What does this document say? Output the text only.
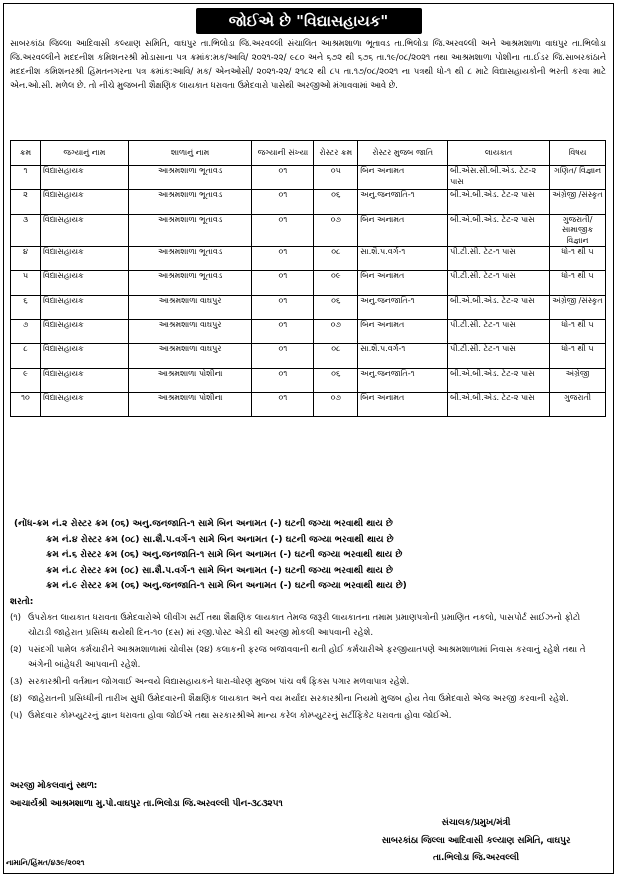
જોઈએ છે "વિદ્યાસહાયક"
સાબરકાંઠા જિલ્લા આદિવાસી કલ્યાણ સમિતિ, વાઘપુર તા.ભિલોડા જિ.અરવલ્લી સંચાલિત આશ્રમશાળા ભૂતાવડ તા.ભિલોડા જિ.અરવલ્લી અને આશ્રમશાળા વાઘપુર તા.ભિલોડા જિ.અરવલ્લીને મદદનીશ કમિશનરશ્રી મોડાસાના પત્ર ક્રમાંક:મક/આવિ/ ૨૦૨૧-૨૨/ ૯૮૦ અને ૬૭૨ થી ૬૭૬ તા.૧૯/૦૮/૨૦૨૧ તથા આશ્રમશાળા પોશીના તા.ઈડર જિ.સાબરકાંઠાને મદદનીશ કમિશનરશ્રી હિંમતનગરના પત્ર ક્રમાંક:આવિ/ મક/ એનઓસી/ ૨૦૨૧-૨૨/ ૨૧૮૨ થી ૮૫ તા.૧૭/૦૮/૨૦૨૧ ના પત્રથી ધો-૧ થી ૮ માટે વિદ્યાસહાયકોની ભરતી કરવા માટે એન.ઓ.સી. મળેલ છે. તો નીચે મુજબની શૈક્ષણિક લાયકાત ધરાવતા ઉમેદવારો પાસેથી અરજીઓ મંગાવવામાં આવે છે.
ક્રમ	જગ્યાનું નામ	શાળાનું નામ	જગ્યાની સંખ્યા	રોસ્ટર ક્રમ	રોસ્ટર મુજબ જાતિ	લાયકાત	વિષય
૧	વિદ્યાસહાયક	આશ્રમશાળા ભૂતાવડ	૦૧	૦૫	બિન અનામત	બી.એસ.સી.બી.એડ. ટેટ-૨ પાસ	ગણિત/ વિજ્ઞાન
૨	વિદ્યાસહાયક	આશ્રમશાળા ભૂતાવડ	૦૧	૦૬	અનુ.જનજાતિ-૧	બી.એ.બી.એડ. ટેટ-૨ પાસ	અંગ્રેજી /સંસ્કૃત
૩	વિદ્યાસહાયક	આશ્રમશાળા ભૂતાવડ	૦૧	૦૭	બિન અનામત	બી.એ.બી.એડ. ટેટ-૨ પાસ	ગુજરાતી/ સામાજીક વિજ્ઞાન
૪	વિદ્યાસહાયક	આશ્રમશાળા ભૂતાવડ	૦૧	૦૮	સા.શૈ.પ.વર્ગ-૧	પી.ટી.સી. ટેટ-૧ પાસ	ધો-૧ થી ૫
૫	વિદ્યાસહાયક	આશ્રમશાળા ભૂતાવડ	૦૧	૦૯	બિન અનામત	પી.ટી.સી. ટેટ-૧ પાસ	ધો-૧ થી ૫
૬	વિદ્યાસહાયક	આશ્રમશાળા વાઘપુર	૦૧	૦૬	અનુ.જનજાતિ-૧	બી.એ.બી.એડ. ટેટ-૨ પાસ	અંગ્રેજી /સંસ્કૃત
૭	વિદ્યાસહાયક	આશ્રમશાળા વાઘપુર	૦૧	૦૭	બિન અનામત	પી.ટી.સી. ટેટ-૧ પાસ	ધો-૧ થી ૫
૮	વિદ્યાસહાયક	આશ્રમશાળા વાઘપુર	૦૧	૦૮	સા.શૈ.પ.વર્ગ-૧	પી.ટી.સી. ટેટ-૧ પાસ	ધો-૧ થી ૫
૯	વિદ્યાસહાયક	આશ્રમશાળા પોશીના	૦૧	૦૬	અનુ.જનજાતિ-૧	બી.એ.બી.એડ. ટેટ-૨ પાસ	અંગ્રેજી
૧૦	વિદ્યાસહાયક	આશ્રમશાળા પોશીના	૦૧	૦૭	બિન અનામત	બી.એ.બી.એડ. ટેટ-૨ પાસ	ગુજરાતી
(નોંધ-ક્રમ નં.૨ રોસ્ટર ક્રમ (૦૬) અનુ.જનજાતિ-૧ સામે બિન અનામત (-) ઘટની જગ્યા ભરવાથી થાય છે
ક્રમ નં.૪ રોસ્ટર ક્રમ (૦૮) સા.શૈ.પ.વર્ગ-૧ સામે બિન અનામત (-) ઘટની જગ્યા ભરવાથી થાય છે
ક્રમ નં.૬ રોસ્ટર ક્રમ (૦૬) અનુ.જનજાતિ-૧ સામે બિન અનામત (-) ઘટની જગ્યા ભરવાથી થાય છે
ક્રમ નં.૮ રોસ્ટર ક્રમ (૦૮) સા.શૈ.પ.વર્ગ-૧ સામે બિન અનામત (-) ઘટની જગ્યા ભરવાથી થાય છે
ક્રમ નં.૯ રોસ્ટર ક્રમ (૦૬) અનુ.જનજાતિ-૧ સામે બિન અનામત (-) ઘટની જગ્યા ભરવાથી થાય છે)
શરતો:
(૧) ઉપરોક્ત લાયકાત ધરાવતા ઉમેદવારોએ લીવીંગ સર્ટી તથા શૈક્ષણિક લાયકાત તેમજ જરૂરી લાયકાતના તમામ પ્રમાણપત્રોની પ્રમાણિત નકલો, પાસપોર્ટ સાઈઝનો ફોટો ચોટાડી જાહેરાત પ્રસિધ્ધ થયેથી દિન-૧૦ (દસ) માં રજી.પોસ્ટ એડી થી અરજી મોકલી આપવાની રહેશે.
(૨) પસંદગી પામેલ કર્મચારીને આશ્રમશાળામાં ચોવીસ (૨૪) કલાકની ફરજ બજાવવાની થતી હોઈ કર્મચારીએ ફરજીયાતપણે આશ્રમશાળામાં નિવાસ કરવાનું રહેશે તથા તે અંગેની બાંહેધરી આપવાની રહેશે.
(૩) સરકારશ્રીની વર્તમાન જોગવાઈ અન્વયે વિદ્યાસહાયકને ધારા-ધોરણ મુજબ પાંચ વર્ષ ફિક્સ પગાર મળવાપાત્ર રહેશે.
(૪) જાહેરાતની પ્રસિધ્ધીની તારીખ સુધી ઉમેદવારની શૈક્ષણિક લાયકાત અને વય મર્યાદા સરકારશ્રીના નિયમો મુજબ હોય તેવા ઉમેદવારો એજ અરજી કરવાની રહેશે.
(૫) ઉમેદવાર કોમ્પ્યુટરનું જ્ઞાન ધરાવતા હોવા જોઈએ તથા સરકારશ્રીએ માન્ય કરેલ કોમ્પ્યુટરનું સર્ટીફિકેટ ધરાવતા હોવા જોઈએ.
અરજી મોકલવાનું સ્થળ:
આચાર્યશ્રી આશ્રમશાળા મુ.પો.વાઘપુર તા.ભિલોડા જિ.અરવલ્લી પીન-૩૮૩૨૫૧
સંચાલક/પ્રમુખ/મંત્રી
સાબરકાંઠા જિલ્લા આદિવાસી કલ્યાણ સમિતિ, વાઘપુર
તા.ભિલોડા જિ.અરવલ્લી
નામાનિ/હિંમત/૪૩૯/૨૦૨૧
